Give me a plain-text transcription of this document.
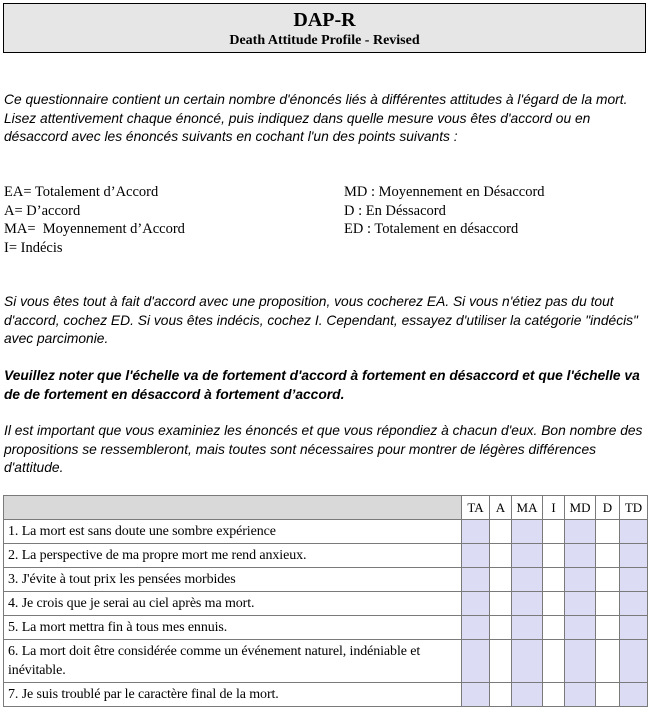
DAP-R
Death Attitude Profile - Revised
Ce questionnaire contient un certain nombre d'énoncés liés à différentes attitudes à l'égard de la mort. Lisez attentivement chaque énoncé, puis indiquez dans quelle mesure vous êtes d'accord ou en désaccord avec les énoncés suivants en cochant l'un des points suivants :
EA= Totalement d’Accord
A= D’accord
MA=  Moyennement d’Accord
I= Indécis
MD : Moyennement en Désaccord
D : En Déssacord
ED : Totalement en désaccord
Si vous êtes tout à fait d'accord avec une proposition, vous cocherez EA. Si vous n'étiez pas du tout d'accord, cochez ED. Si vous êtes indécis, cochez I. Cependant, essayez d'utiliser la catégorie "indécis" avec parcimonie.
Veuillez noter que l'échelle va de fortement d'accord à fortement en désaccord et que l'échelle va de de fortement en désaccord à fortement d’accord.
Il est important que vous examiniez les énoncés et que vous répondiez à chacun d'eux. Bon nombre des propositions se ressembleront, mais toutes sont nécessaires pour montrer de légères différences d'attitude.
	TA	A	MA	I	MD	D	TD
1. La mort est sans doute une sombre expérience							
2. La perspective de ma propre mort me rend anxieux.							
3. J'évite à tout prix les pensées morbides							
4. Je crois que je serai au ciel après ma mort.							
5. La mort mettra fin à tous mes ennuis.							
6. La mort doit être considérée comme un événement naturel, indéniable et inévitable.							
7. Je suis troublé par le caractère final de la mort.							
